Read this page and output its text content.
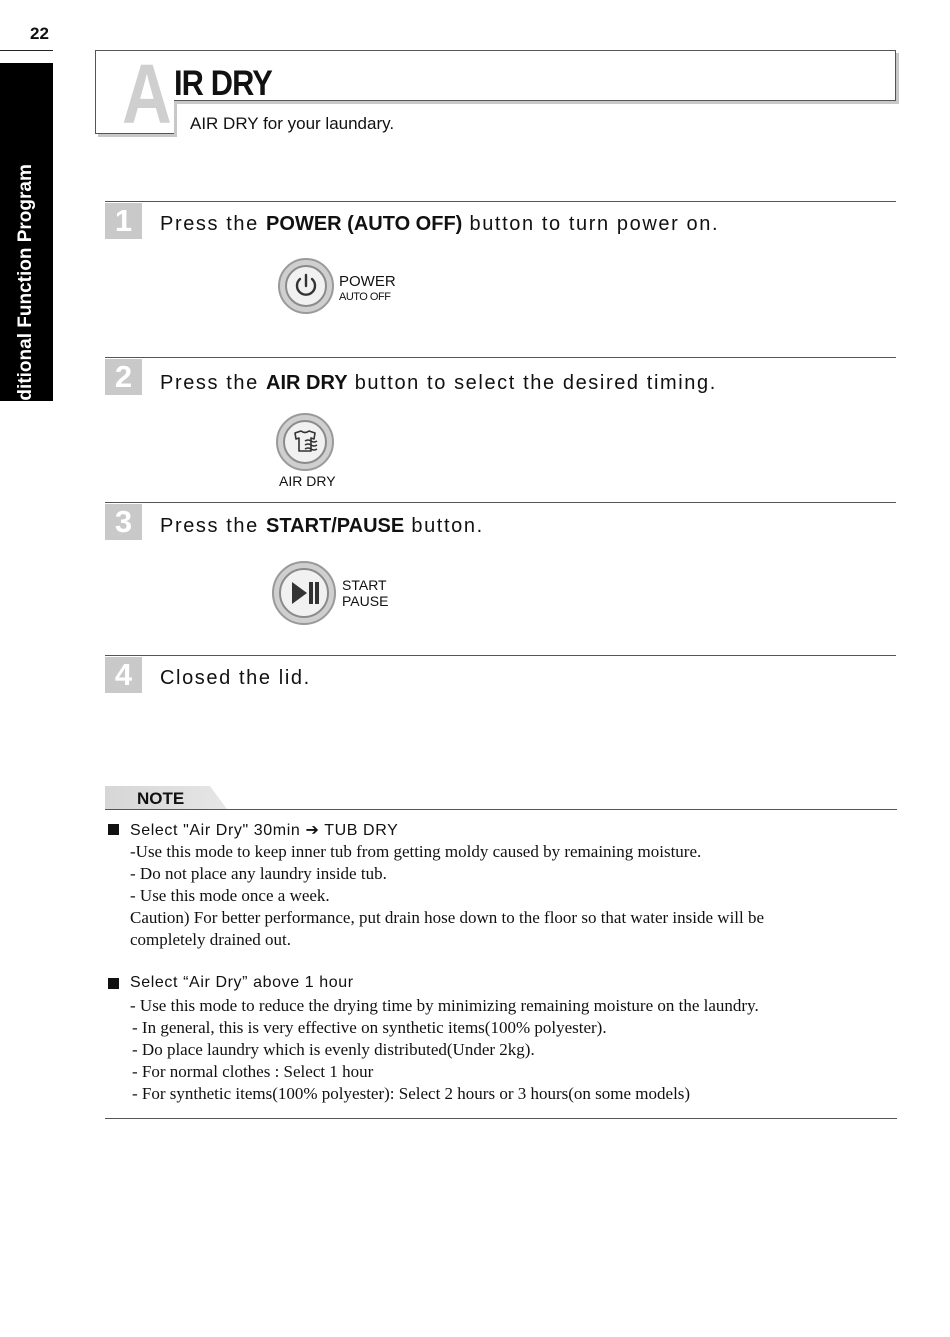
22
Additional Function Program
A IR DRY
AIR DRY for your laundary.
1	Press the POWER (AUTO OFF) button to turn power on.
POWER
AUTO OFF
2	Press the AIR DRY button to select the desired timing.
AIR DRY
3	Press the START/PAUSE button.
START
PAUSE
4	Closed the lid.
NOTE
Select "Air Dry" 30min ➔ TUB DRY
-Use this mode to keep inner tub from getting moldy caused by remaining moisture.
- Do not place any laundry inside tub.
- Use this mode once a week.
Caution) For better performance, put drain hose down to the floor so that water inside will be
completely drained out.
Select “Air Dry” above 1 hour
- Use this mode to reduce the drying time by minimizing remaining moisture on the laundry.
- In general, this is very effective on synthetic items(100% polyester).
- Do place laundry which is evenly distributed(Under 2kg).
- For normal clothes : Select 1 hour
- For synthetic items(100% polyester): Select 2 hours or 3 hours(on some models)
